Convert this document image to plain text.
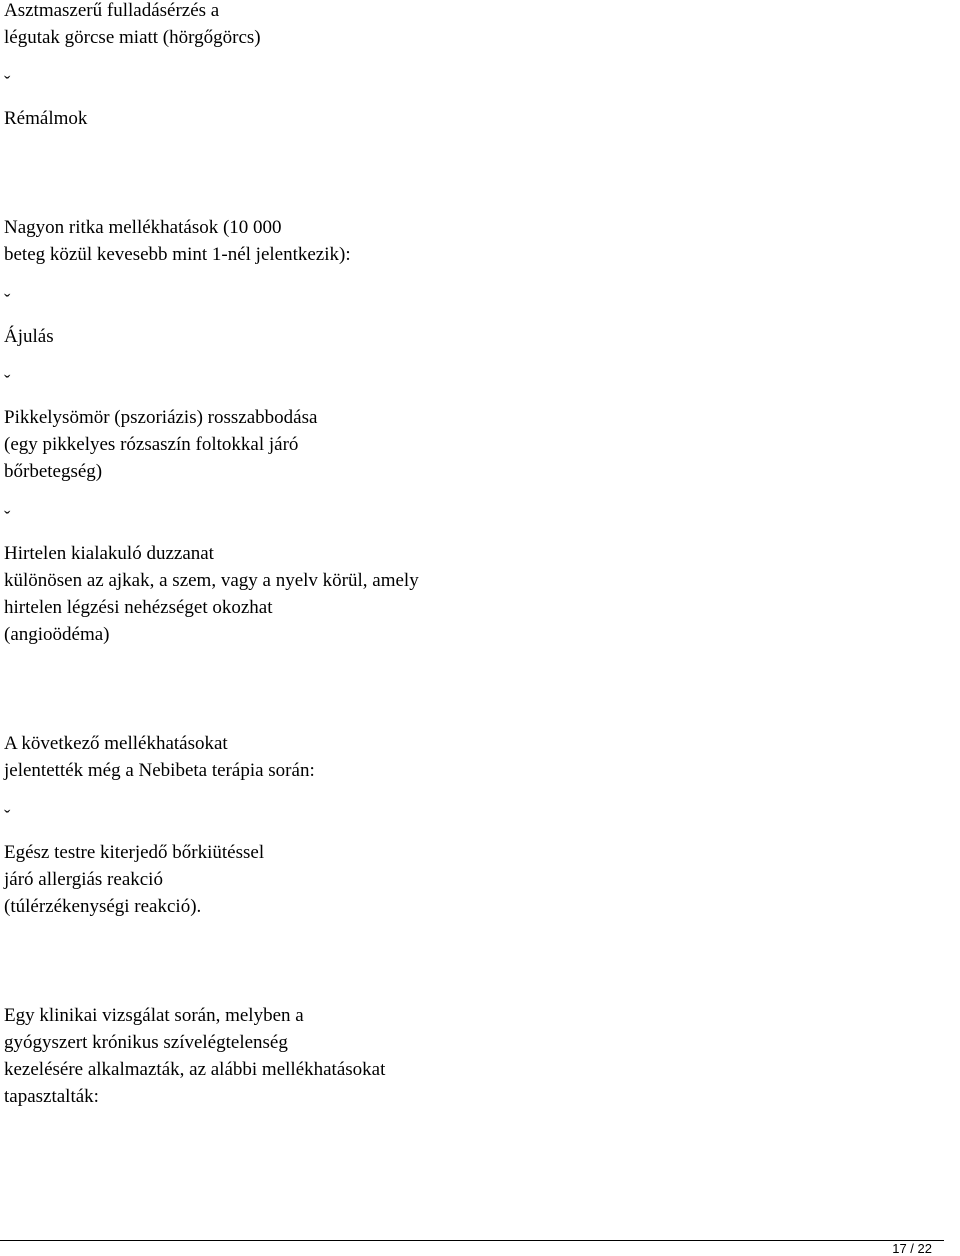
Asztmaszerű fulladásérzés a

légutak görcse miatt (hörgőgörcs)

ˇ

Rémálmok

Nagyon ritka mellékhatások (10 000

beteg közül kevesebb mint 1-nél jelentkezik):

ˇ

Ájulás

ˇ

Pikkelysömör (pszoriázis) rosszabbodása

(egy pikkelyes rózsaszín foltokkal járó

bőrbetegség)

ˇ

Hirtelen kialakuló duzzanat

különösen az ajkak, a szem, vagy a nyelv körül, amely

hirtelen légzési nehézséget okozhat

(angioödéma)

A következő mellékhatásokat

jelentették még a Nebibeta terápia során:

ˇ

Egész testre kiterjedő bőrkiütéssel

járó allergiás reakció

(túlérzékenységi reakció).

Egy klinikai vizsgálat során, melyben a

gyógyszert krónikus szívelégtelenség

kezelésére alkalmazták, az alábbi mellékhatásokat

tapasztalták:

17 / 22
